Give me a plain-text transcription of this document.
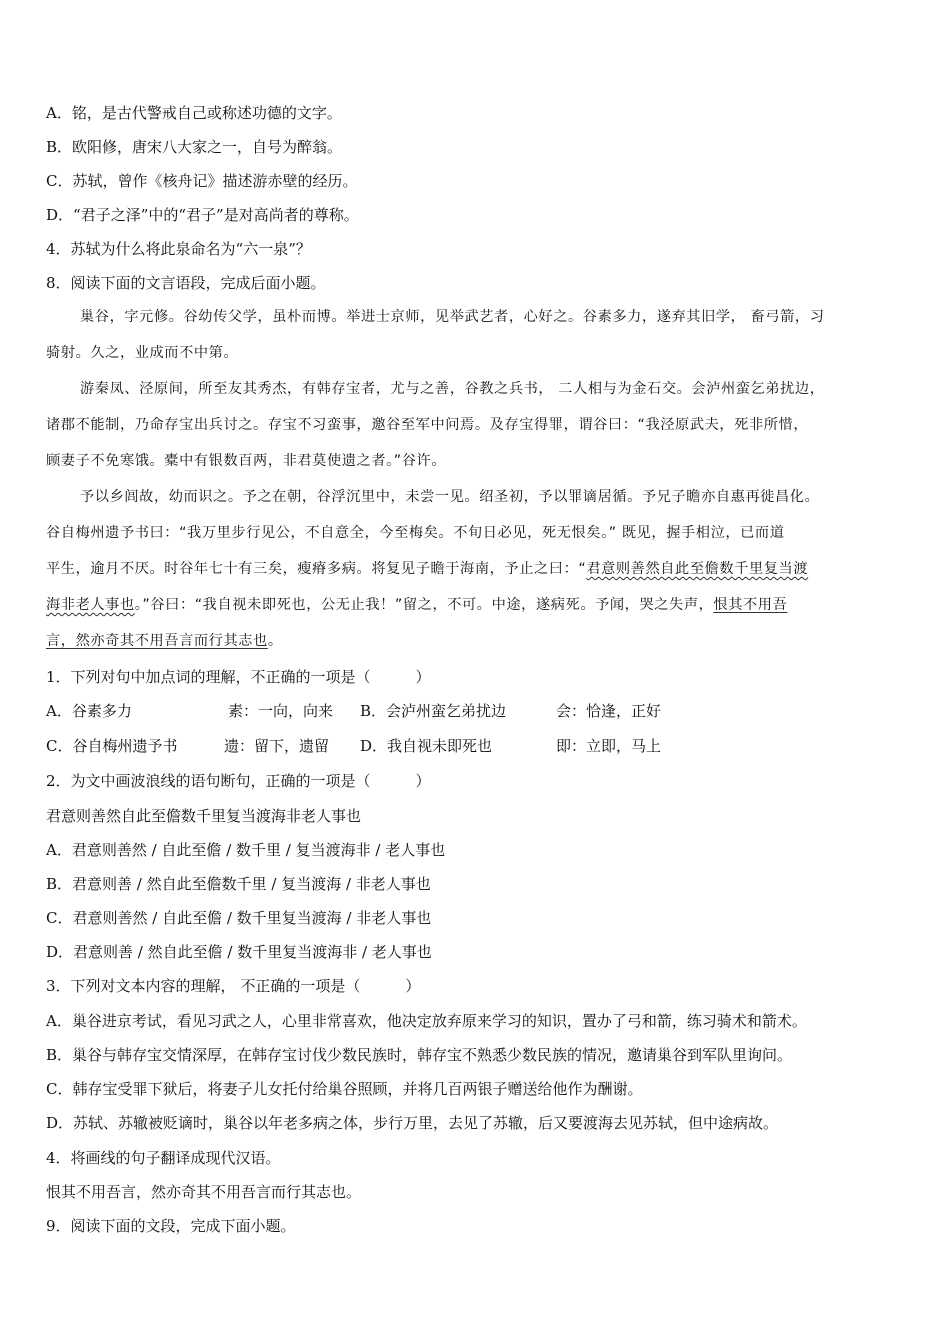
A．铭，是古代警戒自己或称述功德的文字。
B．欧阳修，唐宋八大家之一，自号为醉翁。
C．苏轼，曾作《核舟记》描述游赤壁的经历。
D．“君子之泽”中的“君子”是对高尚者的尊称。
4．苏轼为什么将此泉命名为“六一泉”？
8．阅读下面的文言语段，完成后面小题。
巢谷，字元修。谷幼传父学，虽朴而博。举进士京师，见举武艺者，心好之。谷素多力，遂弃其旧学， 畜弓箭，习
骑射。久之，业成而不中第。
游秦凤、泾原间，所至友其秀杰，有韩存宝者，尤与之善，谷教之兵书， 二人相与为金石交。会泸州蛮乞弟扰边，
诸郡不能制，乃命存宝出兵讨之。存宝不习蛮事，邀谷至军中问焉。及存宝得罪，谓谷曰：“我泾原武夫，死非所惜，
顾妻子不免寒饿。橐中有银数百两，非君莫使遗之者。”谷许。
予以乡闾故，幼而识之。予之在朝，谷浮沉里中，未尝一见。绍圣初，予以罪谪居循。予兄子瞻亦自惠再徙昌化。
谷自梅州遗予书曰：“我万里步行见公，不自意全，今至梅矣。不旬日必见，死无恨矣。” 既见，握手相泣，已而道
平生，逾月不厌。时谷年七十有三矣，瘦瘠多病。将复见子瞻于海南，予止之曰：“君意则善然自此至儋数千里复当渡
海非老人事也。”谷曰：“我自视未即死也，公无止我！”留之，不可。中途，遂病死。予闻，哭之失声，恨其不用吾
言，然亦奇其不用吾言而行其志也。
1．下列对句中加点词的理解，不正确的一项是（　　　）
A．谷素多力	素：一向，向来 B．会泸州蛮乞弟扰边	会：恰逢，正好
C．谷自梅州遗予书	遗：留下，遗留 D．我自视未即死也	即：立即，马上
2．为文中画波浪线的语句断句，正确的一项是（　　　）
君意则善然自此至儋数千里复当渡海非老人事也
A．君意则善然 / 自此至儋 / 数千里 / 复当渡海非 / 老人事也
B．君意则善 / 然自此至儋数千里 / 复当渡海 / 非老人事也
C．君意则善然 / 自此至儋 / 数千里复当渡海 / 非老人事也
D．君意则善 / 然自此至儋 / 数千里复当渡海非 / 老人事也
3．下列对文本内容的理解， 不正确的一项是（　　　）
A．巢谷进京考试，看见习武之人，心里非常喜欢，他决定放弃原来学习的知识，置办了弓和箭，练习骑术和箭术。
B．巢谷与韩存宝交情深厚，在韩存宝讨伐少数民族时，韩存宝不熟悉少数民族的情况，邀请巢谷到军队里询问。
C．韩存宝受罪下狱后，将妻子儿女托付给巢谷照顾，并将几百两银子赠送给他作为酬谢。
D．苏轼、苏辙被贬谪时，巢谷以年老多病之体，步行万里，去见了苏辙，后又要渡海去见苏轼，但中途病故。
4．将画线的句子翻译成现代汉语。
恨其不用吾言，然亦奇其不用吾言而行其志也。
9．阅读下面的文段，完成下面小题。
